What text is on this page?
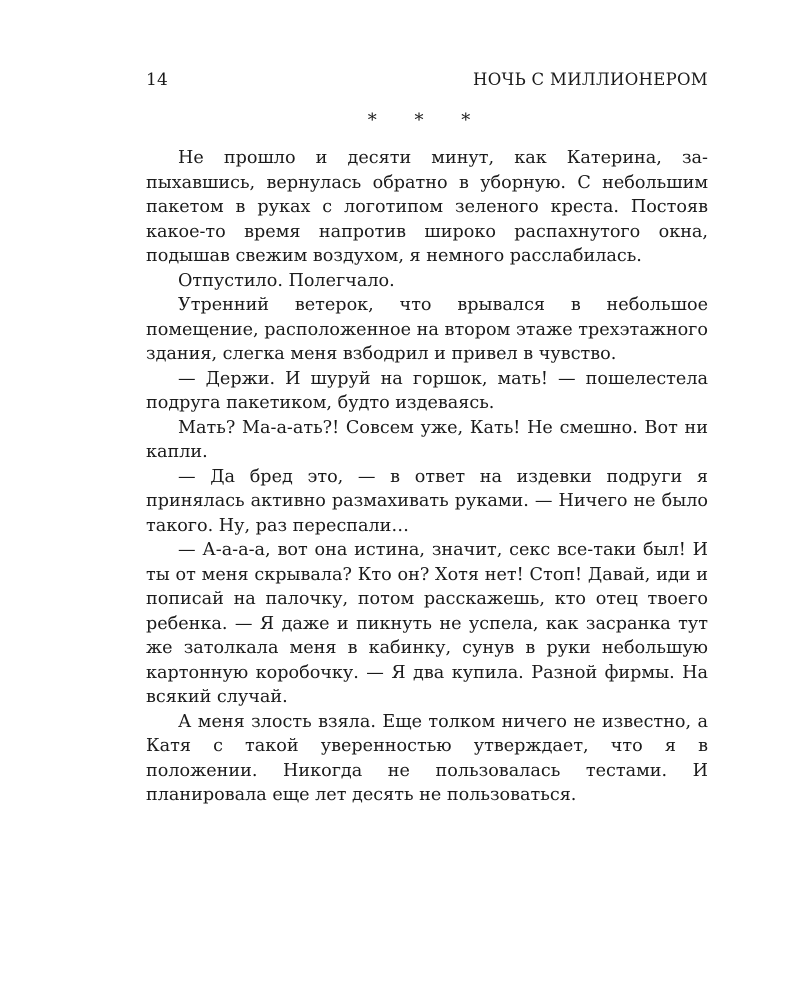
14	НОЧЬ С МИЛЛИОНЕРОМ
* * *

Не прошло и десяти минут, как Катерина, запыхавшись, вернулась обратно в уборную. С небольшим пакетом в руках с логотипом зеленого креста. Постояв какое-то время напротив широко распахнутого окна, подышав свежим воздухом, я немного расслабилась.

Отпустило. Полегчало.

Утренний ветерок, что врывался в небольшое помещение, расположенное на втором этаже трехэтажного здания, слегка меня взбодрил и привел в чувство.

— Держи. И шуруй на горшок, мать! — пошелестела подруга пакетиком, будто издеваясь.

Мать? Ма-а-ать?! Совсем уже, Кать! Не смешно. Вот ни капли.

— Да бред это, — в ответ на издевки подруги я принялась активно размахивать руками. — Ничего не было такого. Ну, раз переспали…

— А-а-а-а, вот она истина, значит, секс все-таки был! И ты от меня скрывала? Кто он? Хотя нет! Стоп! Давай, иди и пописай на палочку, потом расскажешь, кто отец твоего ребенка. — Я даже и пикнуть не успела, как засранка тут же затолкала меня в кабинку, сунув в руки небольшую картонную коробочку. — Я два купила. Разной фирмы. На всякий случай.

А меня злость взяла. Еще толком ничего не известно, а Катя с такой уверенностью утверждает, что я в положении. Никогда не пользовалась тестами. И планировала еще лет десять не пользоваться.
